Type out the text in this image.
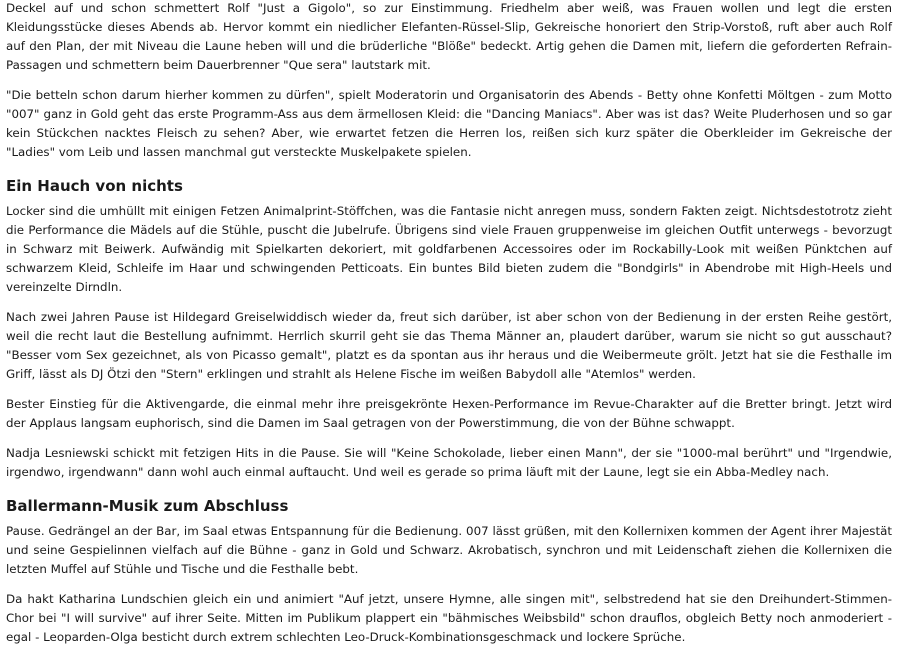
Deckel auf und schon schmettert Rolf "Just a Gigolo", so zur Einstimmung. Friedhelm aber weiß, was Frauen wollen und legt die ersten Kleidungsstücke dieses Abends ab. Hervor kommt ein niedlicher Elefanten-Rüssel-Slip, Gekreische honoriert den Strip-Vorstoß, ruft aber auch Rolf auf den Plan, der mit Niveau die Laune heben will und die brüderliche "Blöße" bedeckt. Artig gehen die Damen mit, liefern die geforderten Refrain-Passagen und schmettern beim Dauerbrenner "Que sera" lautstark mit.

"Die betteln schon darum hierher kommen zu dürfen", spielt Moderatorin und Organisatorin des Abends - Betty ohne Konfetti Möltgen - zum Motto "007" ganz in Gold geht das erste Programm-Ass aus dem ärmellosen Kleid: die "Dancing Maniacs". Aber was ist das? Weite Pluderhosen und so gar kein Stückchen nacktes Fleisch zu sehen? Aber, wie erwartet fetzen die Herren los, reißen sich kurz später die Oberkleider im Gekreische der "Ladies" vom Leib und lassen manchmal gut versteckte Muskelpakete spielen.

Ein Hauch von nichts

Locker sind die umhüllt mit einigen Fetzen Animalprint-Stöffchen, was die Fantasie nicht anregen muss, sondern Fakten zeigt. Nichtsdestotrotz zieht die Performance die Mädels auf die Stühle, puscht die Jubelrufe. Übrigens sind viele Frauen gruppenweise im gleichen Outfit unterwegs - bevorzugt in Schwarz mit Beiwerk. Aufwändig mit Spielkarten dekoriert, mit goldfarbenen Accessoires oder im Rockabilly-Look mit weißen Pünktchen auf schwarzem Kleid, Schleife im Haar und schwingenden Petticoats. Ein buntes Bild bieten zudem die "Bondgirls" in Abendrobe mit High-Heels und vereinzelte Dirndln.

Nach zwei Jahren Pause ist Hildegard Greiselwiddisch wieder da, freut sich darüber, ist aber schon von der Bedienung in der ersten Reihe gestört, weil die recht laut die Bestellung aufnimmt. Herrlich skurril geht sie das Thema Männer an, plaudert darüber, warum sie nicht so gut ausschaut? "Besser vom Sex gezeichnet, als von Picasso gemalt", platzt es da spontan aus ihr heraus und die Weibermeute grölt. Jetzt hat sie die Festhalle im Griff, lässt als DJ Ötzi den "Stern" erklingen und strahlt als Helene Fische im weißen Babydoll alle "Atemlos" werden.

Bester Einstieg für die Aktivengarde, die einmal mehr ihre preisgekrönte Hexen-Performance im Revue-Charakter auf die Bretter bringt. Jetzt wird der Applaus langsam euphorisch, sind die Damen im Saal getragen von der Powerstimmung, die von der Bühne schwappt.

Nadja Lesniewski schickt mit fetzigen Hits in die Pause. Sie will "Keine Schokolade, lieber einen Mann", der sie "1000-mal berührt" und "Irgendwie, irgendwo, irgendwann" dann wohl auch einmal auftaucht. Und weil es gerade so prima läuft mit der Laune, legt sie ein Abba-Medley nach.

Ballermann-Musik zum Abschluss

Pause. Gedrängel an der Bar, im Saal etwas Entspannung für die Bedienung. 007 lässt grüßen, mit den Kollernixen kommen der Agent ihrer Majestät und seine Gespielinnen vielfach auf die Bühne - ganz in Gold und Schwarz. Akrobatisch, synchron und mit Leidenschaft ziehen die Kollernixen die letzten Muffel auf Stühle und Tische und die Festhalle bebt.

Da hakt Katharina Lundschien gleich ein und animiert "Auf jetzt, unsere Hymne, alle singen mit", selbstredend hat sie den Dreihundert-Stimmen-Chor bei "I will survive" auf ihrer Seite. Mitten im Publikum plappert ein "bähmisches Weibsbild" schon drauflos, obgleich Betty noch anmoderiert - egal - Leoparden-Olga besticht durch extrem schlechten Leo-Druck-Kombinationsgeschmack und lockere Sprüche.
